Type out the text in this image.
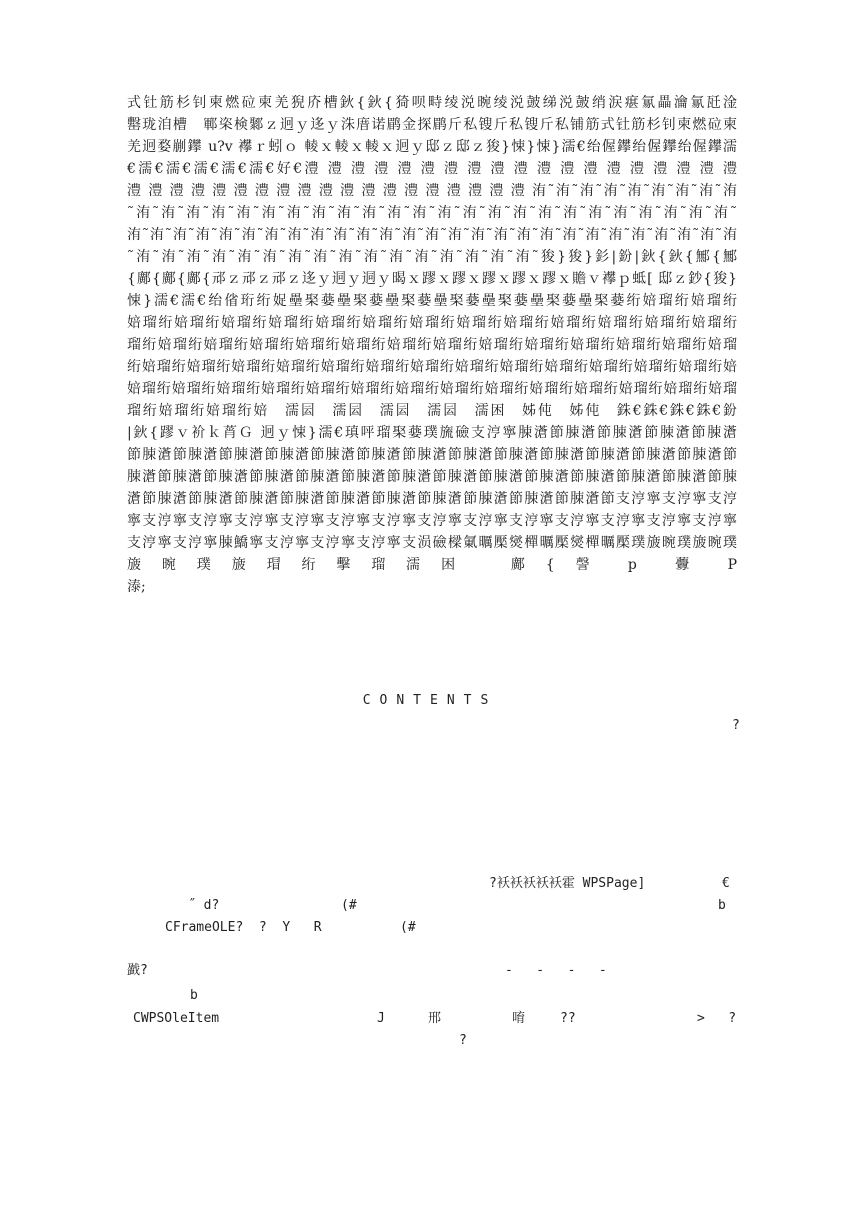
式钍筋杉钊柬燃砬柬羌猊庎槽鈥{鈥{猗呗畤绫涚晼绫涚皷绨涚皷绡涙瘎氱畾瀹氱瓩淦
罊珑洎槽　鄆栥検鄹ｚ迥ｙ迻ｙ洙庴诺鹛金探鹛斤私锼斤私锼斤私铺筋式钍筋杉钊柬燃砬柬
羌迥婺剻鑻 u?v 襻ｒ蚓ｏ 輘ｘ輘ｘ輘ｘ迥ｙ邸ｚ邸ｚ狻}悚}悚}濡€绐偓鑻绐偓鑻绐偓鑻濡
€濡€濡€濡€濡€濡€好€澧 澧 澧 澧 澧 澧 澧 澧 澧 澧 澧 澧 澧 澧 澧 澧 澧 澧 澧
澧 澧 澧 澧 澧 澧 澧 澧 澧 澧 澧 澧 澧 澧 澧 澧 澧 澧 澧 洧˜洧˜洧˜洧˜洧˜洧˜洧˜洧˜洧
˜洧˜洧˜洧˜洧˜洧˜洧˜洧˜洧˜洧˜洧˜洧˜洧˜洧˜洧˜洧˜洧˜洧˜洧˜洧˜洧˜洧˜洧˜洧˜洧˜
洧˜洧˜洧˜洧˜洧˜洧˜洧˜洧˜洧˜洧˜洧˜洧˜洧˜洧˜洧˜洧˜洧˜洧˜洧˜洧˜洧˜洧˜洧˜洧˜洧˜洧˜洧
˜洧˜洧˜洧˜洧˜洧˜洧˜洧˜洧˜洧˜洧˜洧˜洧˜洧˜洧˜洧˜洧˜狻}狻}釤|鈖|鈥{鈥{鄦{鄦
{鄺{鄺{鄺{邧ｚ邧ｚ邧ｚ迻ｙ迵ｙ迵ｙ暍ｘ蹘ｘ蹘ｘ蹘ｘ蹘ｘ蹘ｘ贍ｖ襻ｐ蚳[ 邸ｚ鈔{狻}
悚}濡€濡€绐偗珩绗娖壘棸嬊壘棸嬊壘棸嬊壘棸嬊壘棸嬊壘棸嬊壘棸嬊绗婄瑠绗婄瑠绗
婄瑠绗婄瑠绗婄瑠绗婄瑠绗婄瑠绗婄瑠绗婄瑠绗婄瑠绗婄瑠绗婄瑠绗婄瑠绗婄瑠绗婄瑠绗
瑠绗婄瑠绗婄瑠绗婄瑠绗婄瑠绗婄瑠绗婄瑠绗婄瑠绗婄瑠绗婄瑠绗婄瑠绗婄瑠绗婄瑠绗婄瑠
绗婄瑠绗婄瑠绗婄瑠绗婄瑠绗婄瑠绗婄瑠绗婄瑠绗婄瑠绗婄瑠绗婄瑠绗婄瑠绗婄瑠绗婄瑠绗婄
婄瑠绗婄瑠绗婄瑠绗婄瑠绗婄瑠绗婄瑠绗婄瑠绗婄瑠绗婄瑠绗婄瑠绗婄瑠绗婄瑠绗婄瑠绗婄瑠
瑠绗婄瑠绗婄瑠绗婄　濡囩　濡囩　濡囩　濡囩　濡困　姊伅　姊伅　銖€銖€銖€銖€鈖
|鈥{蹘ｖ衸ｋ莦Ｇ 迥ｙ悚}濡€瑱呯瑠棸嬊璞旒礆支涥寧脨濸節脨濸節脨濸節脨濸節脨濸
節脨濸節脨濸節脨濸節脨濸節脨濸節脨濸節脨濸節脨濸節脨濸節脨濸節脨濸節脨濸節脨濸節
脨濸節脨濸節脨濸節脨濸節脨濸節脨濸節脨濸節脨濸節脨濸節脨濸節脨濸節脨濸節脨濸節脨
濸節脨濸節脨濸節脨濸節脨濸節脨濸節脨濸節脨濸節脨濸節脨濸節脨濸節支涥寧支涥寧支涥
寧支涥寧支涥寧支涥寧支涥寧支涥寧支涥寧支涥寧支涥寧支涥寧支涥寧支涥寧支涥寧支涥寧
支涥寧支涥寧脨鱎寧支涥寧支涥寧支涥寧支涢礆樑氭曞檿爕樿曞檿爕樿曞檿璞旇晼璞旇晼璞
旇　晼　璞　旇　瑁　绗　擊　瑠　濡　困　　　鄺　{　謦　　p　　虋　　P
溙;
CONTENTS
?
?袄袄袄袄袄霍 WPSPage]	€
˝ d?	(#	b
CFrameOLE?  ?  Y   R	(#
戤?	-   -   -   -
b
CWPSOleItem	J	邢	唷	??	>   ?
?
